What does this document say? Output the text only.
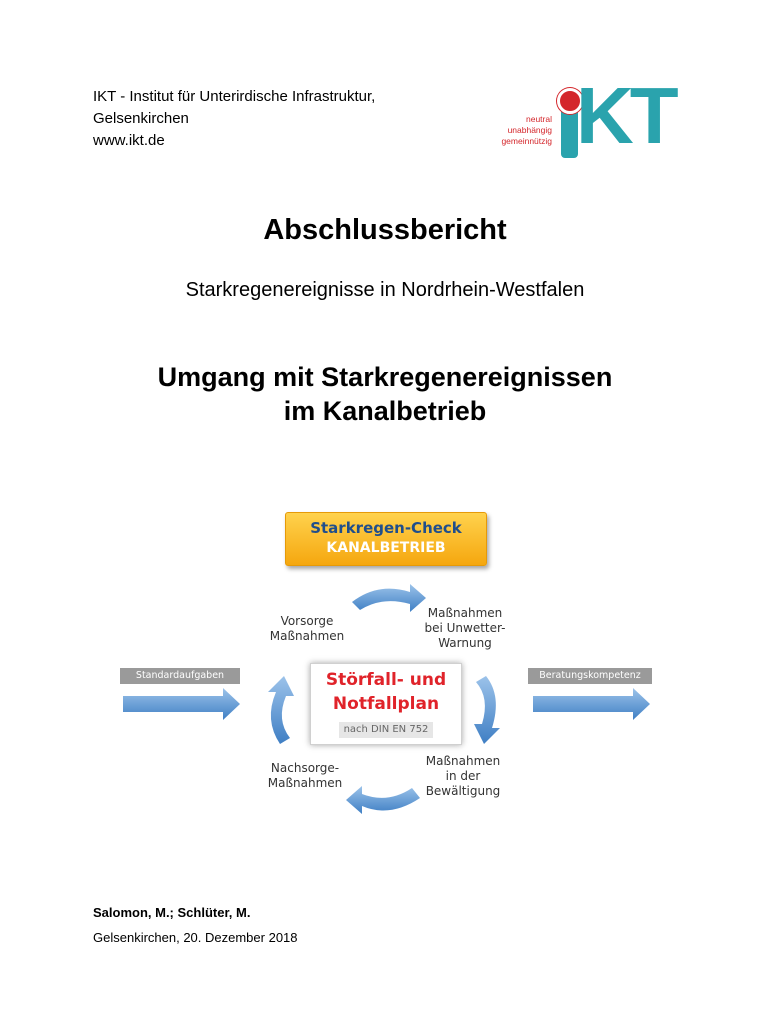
IKT - Institut für Unterirdische Infrastruktur,
Gelsenkirchen
www.ikt.de
neutral
unabhängig
gemeinnützig KT
Abschlussbericht
Starkregenereignisse in Nordrhein-Westfalen
Umgang mit Starkregenereignissen
im Kanalbetrieb
Starkregen-Check
KANALBETRIEB
Standardaufgaben	Beratungskompetenz
Vorsorge
Maßnahmen
Maßnahmen
bei Unwetter-
Warnung
Maßnahmen
in der
Bewältigung
Nachsorge-
Maßnahmen
Störfall- und
Notfallplan
nach DIN EN 752
Salomon, M.; Schlüter, M.
Gelsenkirchen, 20. Dezember 2018
